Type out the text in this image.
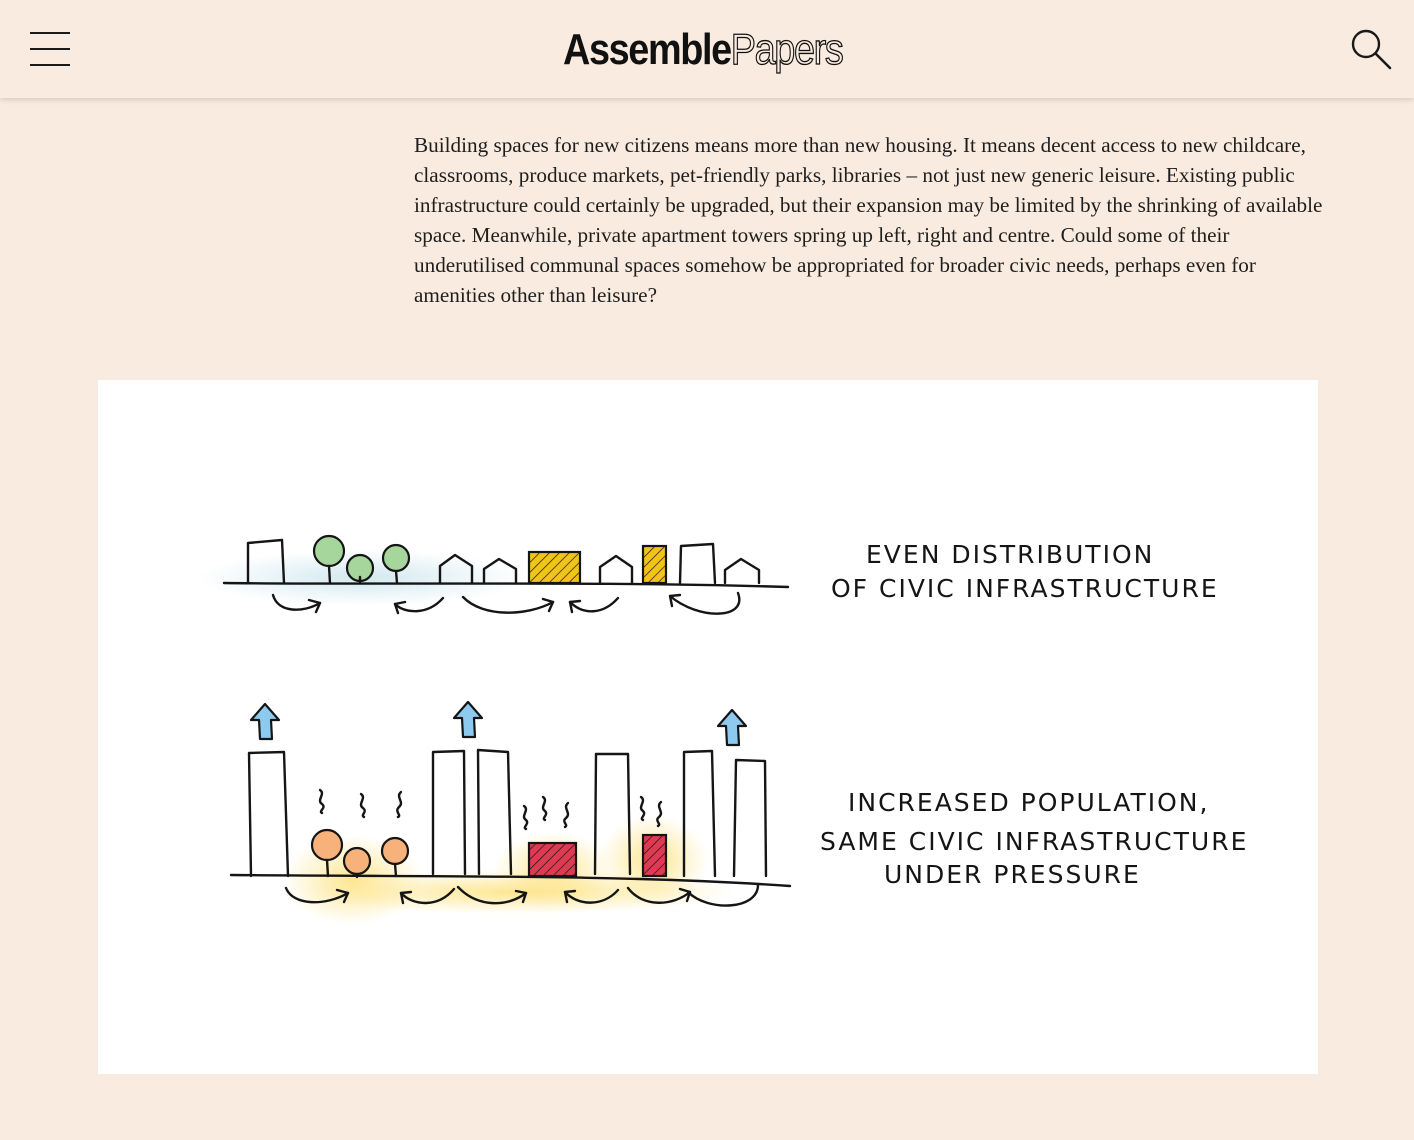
AssemblePapers

Building spaces for new citizens means more than new housing. It means decent access to new childcare, classrooms, produce markets, pet-friendly parks, libraries – not just new generic leisure. Existing public infrastructure could certainly be upgraded, but their expansion may be limited by the shrinking of available space. Meanwhile, private apartment towers spring up left, right and centre. Could some of their underutilised communal spaces somehow be appropriated for broader civic needs, perhaps even for amenities other than leisure?

EVEN DISTRIBUTION
OF CIVIC INFRASTRUCTURE
INCREASED POPULATION,
SAME CIVIC INFRASTRUCTURE
UNDER PRESSURE
